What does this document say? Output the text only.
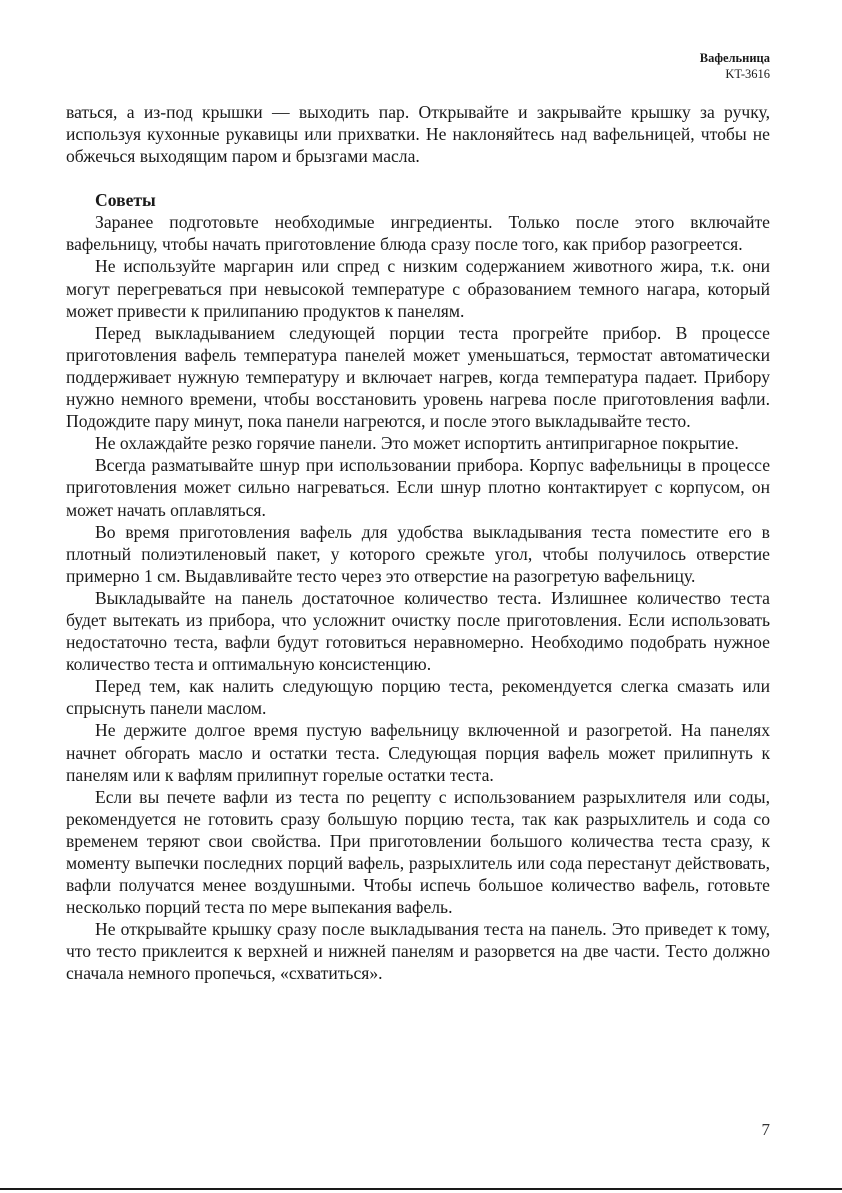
Вафельница
KT-3616

ваться, а из-под крышки — выходить пар. Открывайте и закрывайте крышку за ручку, используя кухонные рукавицы или прихватки. Не наклоняйтесь над вафельницей, чтобы не обжечься выходящим паром и брызгами масла.

Советы

Заранее подготовьте необходимые ингредиенты. Только после этого включайте вафельницу, чтобы начать приготовление блюда сразу после того, как прибор разогреется.

Не используйте маргарин или спред с низким содержанием животного жира, т.к. они могут перегреваться при невысокой температуре с образованием темного нагара, который может привести к прилипанию продуктов к панелям.

Перед выкладыванием следующей порции теста прогрейте прибор. В процессе приготовления вафель температура панелей может уменьшаться, термостат автоматически поддерживает нужную температуру и включает нагрев, когда температура падает. Прибору нужно немного времени, чтобы восстановить уровень нагрева после приготовления вафли. Подождите пару минут, пока панели нагреются, и после этого выкладывайте тесто.

Не охлаждайте резко горячие панели. Это может испортить антипригарное покрытие.

Всегда разматывайте шнур при использовании прибора. Корпус вафельницы в процессе приготовления может сильно нагреваться. Если шнур плотно контактирует с корпусом, он может начать оплавляться.

Во время приготовления вафель для удобства выкладывания теста поместите его в плотный полиэтиленовый пакет, у которого срежьте угол, чтобы получилось отверстие примерно 1 см. Выдавливайте тесто через это отверстие на разогретую вафельницу.

Выкладывайте на панель достаточное количество теста. Излишнее количество теста будет вытекать из прибора, что усложнит очистку после приготовления. Если использовать недостаточно теста, вафли будут готовиться неравномерно. Необходимо подобрать нужное количество теста и оптимальную консистенцию.

Перед тем, как налить следующую порцию теста, рекомендуется слегка смазать или спрыснуть панели маслом.

Не держите долгое время пустую вафельницу включенной и разогретой. На панелях начнет обгорать масло и остатки теста. Следующая порция вафель может прилипнуть к панелям или к вафлям прилипнут горелые остатки теста.

Если вы печете вафли из теста по рецепту с использованием разрыхлителя или соды, рекомендуется не готовить сразу большую порцию теста, так как разрыхлитель и сода со временем теряют свои свойства. При приготовлении большого количества теста сразу, к моменту выпечки последних порций вафель, разрыхлитель или сода перестанут действовать, вафли получатся менее воздушными. Чтобы испечь большое количество вафель, готовьте несколько порций теста по мере выпекания вафель.

Не открывайте крышку сразу после выкладывания теста на панель. Это приведет к тому, что тесто приклеится к верхней и нижней панелям и разорвется на две части. Тесто должно сначала немного пропечься, «схватиться».

7
